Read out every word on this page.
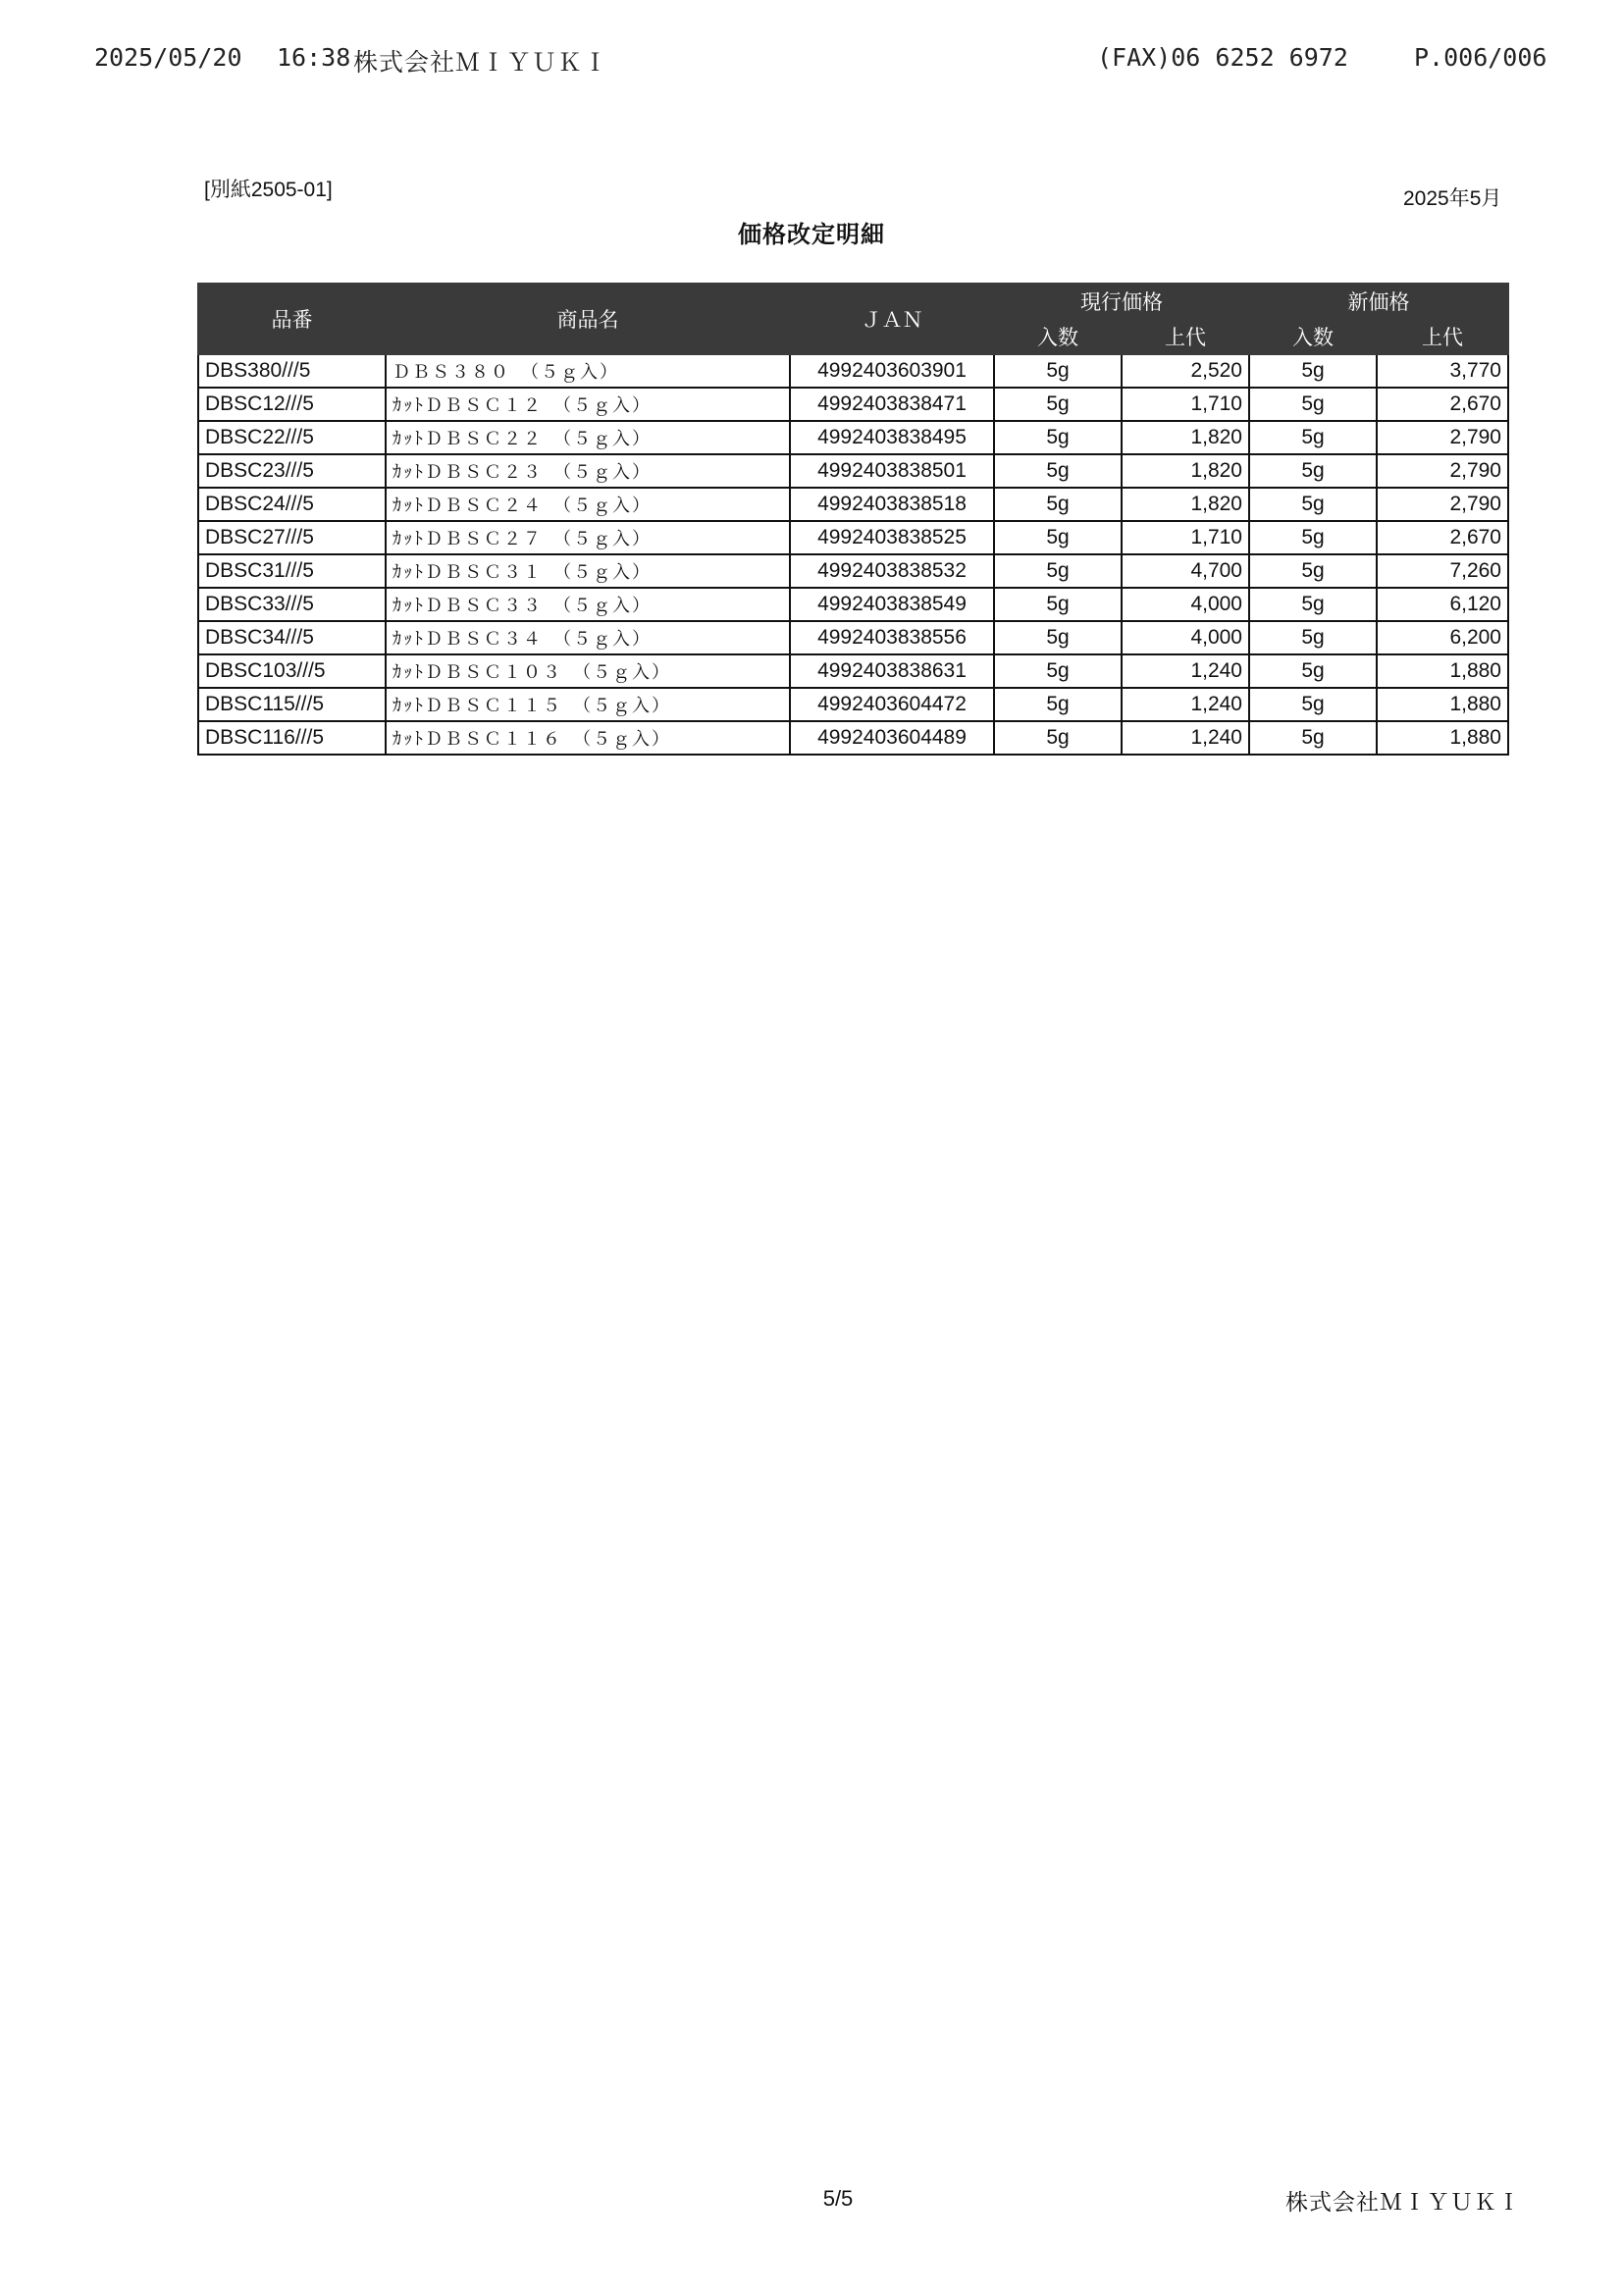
2025/05/20 16:38 株式会社ＭＩＹＵＫＩ	(FAX)06 6252 6972	P.006/006
[別紙2505-01]	2025年5月
価格改定明細
品番	商品名	ＪＡＮ	現行価格		新価格	
			入数	上代	入数	上代
DBS380///5	ＤＢＳ３８０　（５ｇ入）	4992403603901	5g	2,520	5g	3,770
DBSC12///5	ｶｯﾄＤＢＳＣ１２　（５ｇ入）	4992403838471	5g	1,710	5g	2,670
DBSC22///5	ｶｯﾄＤＢＳＣ２２　（５ｇ入）	4992403838495	5g	1,820	5g	2,790
DBSC23///5	ｶｯﾄＤＢＳＣ２３　（５ｇ入）	4992403838501	5g	1,820	5g	2,790
DBSC24///5	ｶｯﾄＤＢＳＣ２４　（５ｇ入）	4992403838518	5g	1,820	5g	2,790
DBSC27///5	ｶｯﾄＤＢＳＣ２７　（５ｇ入）	4992403838525	5g	1,710	5g	2,670
DBSC31///5	ｶｯﾄＤＢＳＣ３１　（５ｇ入）	4992403838532	5g	4,700	5g	7,260
DBSC33///5	ｶｯﾄＤＢＳＣ３３　（５ｇ入）	4992403838549	5g	4,000	5g	6,120
DBSC34///5	ｶｯﾄＤＢＳＣ３４　（５ｇ入）	4992403838556	5g	4,000	5g	6,200
DBSC103///5	ｶｯﾄＤＢＳＣ１０３　（５ｇ入）	4992403838631	5g	1,240	5g	1,880
DBSC115///5	ｶｯﾄＤＢＳＣ１１５　（５ｇ入）	4992403604472	5g	1,240	5g	1,880
DBSC116///5	ｶｯﾄＤＢＳＣ１１６　（５ｇ入）	4992403604489	5g	1,240	5g	1,880
5/5	株式会社ＭＩＹＵＫＩ
